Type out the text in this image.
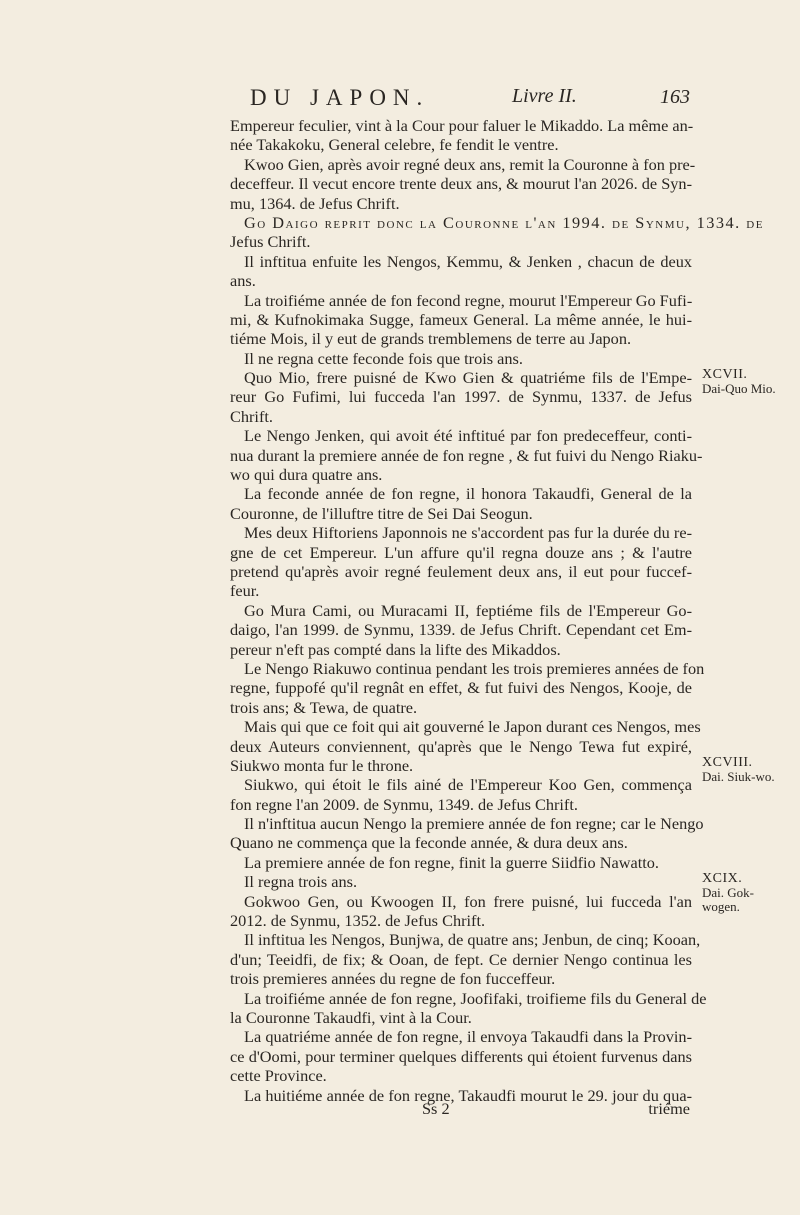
DU JAPON.	Livre II.	163
Empereur feculier, vint à la Cour pour faluer le Mikaddo. La même an-
née Takakoku, General celebre, fe fendit le ventre.
Kwoo Gien, après avoir regné deux ans, remit la Couronne à fon pre-
deceffeur. Il vecut encore trente deux ans, & mourut l'an 2026. de Syn-
mu, 1364. de Jefus Chrift.
Go Daigo reprit donc la Couronne l'an 1994. de Synmu, 1334. de
Jefus Chrift.
Il inftitua enfuite les Nengos, Kemmu, & Jenken , chacun de deux
ans.
La troifiéme année de fon fecond regne, mourut l'Empereur Go Fufi-
mi, & Kufnokimaka Sugge, fameux General. La même année, le hui-
tiéme Mois, il y eut de grands tremblemens de terre au Japon.
Il ne regna cette feconde fois que trois ans.
Quo Mio, frere puisné de Kwo Gien & quatriéme fils de l'Empe-
reur Go Fufimi, lui fucceda l'an 1997. de Synmu, 1337. de Jefus
Chrift.
Le Nengo Jenken, qui avoit été inftitué par fon predeceffeur, conti-
nua durant la premiere année de fon regne , & fut fuivi du Nengo Riaku-
wo qui dura quatre ans.
La feconde année de fon regne, il honora Takaudfi, General de la
Couronne, de l'illuftre titre de Sei Dai Seogun.
Mes deux Hiftoriens Japonnois ne s'accordent pas fur la durée du re-
gne de cet Empereur. L'un affure qu'il regna douze ans ; & l'autre
pretend qu'après avoir regné feulement deux ans, il eut pour fuccef-
feur.
Go Mura Cami, ou Muracami II, feptiéme fils de l'Empereur Go-
daigo, l'an 1999. de Synmu, 1339. de Jefus Chrift. Cependant cet Em-
pereur n'eft pas compté dans la lifte des Mikaddos.
Le Nengo Riakuwo continua pendant les trois premieres années de fon
regne, fuppofé qu'il regnât en effet, & fut fuivi des Nengos, Kooje, de
trois ans; & Tewa, de quatre.
Mais qui que ce foit qui ait gouverné le Japon durant ces Nengos, mes
deux Auteurs conviennent, qu'après que le Nengo Tewa fut expiré,
Siukwo monta fur le throne.
Siukwo, qui étoit le fils ainé de l'Empereur Koo Gen, commença
fon regne l'an 2009. de Synmu, 1349. de Jefus Chrift.
Il n'inftitua aucun Nengo la premiere année de fon regne; car le Nengo
Quano ne commença que la feconde année, & dura deux ans.
La premiere année de fon regne, finit la guerre Siidfio Nawatto.
Il regna trois ans.
Gokwoo Gen, ou Kwoogen II, fon frere puisné, lui fucceda l'an
2012. de Synmu, 1352. de Jefus Chrift.
Il inftitua les Nengos, Bunjwa, de quatre ans; Jenbun, de cinq; Kooan,
d'un; Teeidfi, de fix; & Ooan, de fept. Ce dernier Nengo continua les
trois premieres années du regne de fon fucceffeur.
La troifiéme année de fon regne, Joofifaki, troifieme fils du General de
la Couronne Takaudfi, vint à la Cour.
La quatriéme année de fon regne, il envoya Takaudfi dans la Provin-
ce d'Oomi, pour terminer quelques differents qui étoient furvenus dans
cette Province.
La huitiéme année de fon regne, Takaudfi mourut le 29. jour du qua-
Ss 2	triéme
XCVII.
Dai-Quo Mio.
XCVIII.
Dai. Siuk-wo.
XCIX.
Dai. Gok-wogen.
